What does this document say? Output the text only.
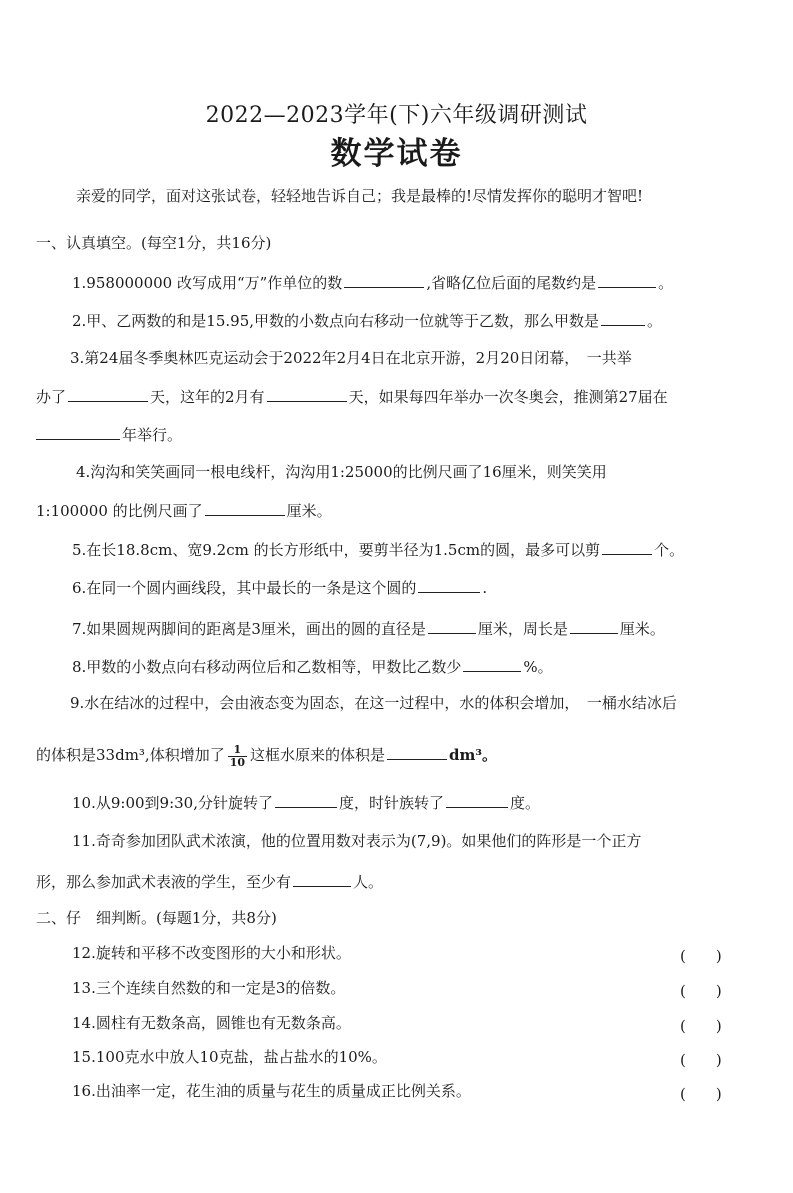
2022—2023学年(下)六年级调研测试
数学试卷
亲爱的同学，面对这张试卷，轻轻地告诉自己；我是最棒的!尽情发挥你的聪明才智吧!
一、认真填空。(每空1分，共16分)
1.958000000 改写成用“万”作单位的数	,省略亿位后面的尾数约是	。
2.甲、乙两数的和是15.95,甲数的小数点向右移动一位就等于乙数，那么甲数是	。
3.第24届冬季奥林匹克运动会于2022年2月4日在北京开游，2月20日闭幕，　一共举
办了	天，这年的2月有	天，如果每四年举办一次冬奥会，推测第27届在
年举行。
4.沟沟和笑笑画同一根电线杆，沟沟用1:25000的比例尺画了16厘米，则笑笑用
1:100000 的比例尺画了	厘米。
5.在长18.8cm、宽9.2cm 的长方形纸中，要剪半径为1.5cm的圆，最多可以剪	个。
6.在同一个圆内画线段，其中最长的一条是这个圆的	.
7.如果圆规两脚间的距离是3厘米，画出的圆的直径是	厘米，周长是	厘米。
8.甲数的小数点向右移动两位后和乙数相等，甲数比乙数少	%。
9.水在结冰的过程中，会由液态变为固态，在这一过程中，水的体积会增加，　一桶水结冰后
的体积是33dm³,体积增加了 $\frac{1}{10}$ 这框水原来的体积是	dm³。
10.从9:00到9:30,分针旋转了	度，时针族转了	度。
11.奇奇参加团队武术浓演，他的位置用数对表示为(7,9)。如果他们的阵形是一个正方
形，那么参加武术表液的学生，至少有	人。
二、仔　细判断。(每题1分，共8分)
12.旋转和平移不改变图形的大小和形状。	(　　)
13.三个连续自然数的和一定是3的倍数。	(　　)
14.圆柱有无数条高，圆锥也有无数条高。	(　　)
15.100克水中放人10克盐，盐占盐水的10%。	(　　)
16.出油率一定，花生油的质量与花生的质量成正比例关系。	(　　)
